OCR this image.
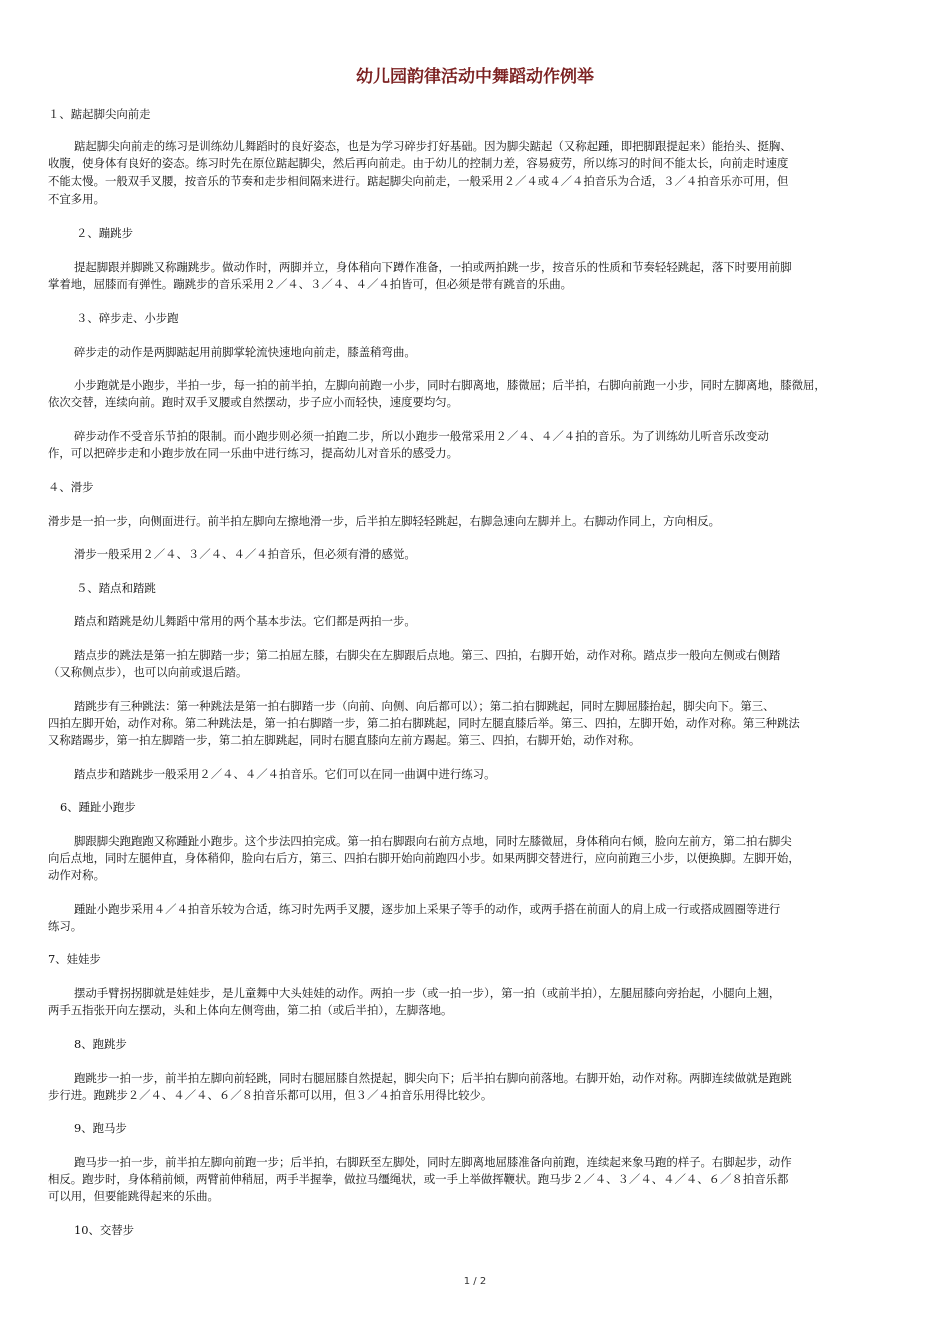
幼儿园韵律活动中舞蹈动作例举

１、踮起脚尖向前走

踮起脚尖向前走的练习是训练幼儿舞蹈时的良好姿态，也是为学习碎步打好基础。因为脚尖踮起（又称起踵，即把脚跟提起来）能抬头、挺胸、

收腹，使身体有良好的姿态。练习时先在原位踮起脚尖，然后再向前走。由于幼儿的控制力差，容易疲劳，所以练习的时间不能太长，向前走时速度

不能太慢。一般双手叉腰，按音乐的节奏和走步相间隔来进行。踮起脚尖向前走，一般采用２／４或４／４拍音乐为合适，３／４拍音乐亦可用，但

不宜多用。

２、蹦跳步

提起脚跟并脚跳又称蹦跳步。做动作时，两脚并立，身体稍向下蹲作准备，一拍或两拍跳一步，按音乐的性质和节奏轻轻跳起，落下时要用前脚

掌着地，屈膝而有弹性。蹦跳步的音乐采用２／４、３／４、４／４拍皆可，但必须是带有跳音的乐曲。

３、碎步走、小步跑

碎步走的动作是两脚踮起用前脚掌轮流快速地向前走，膝盖稍弯曲。

小步跑就是小跑步，半拍一步，每一拍的前半拍，左脚向前跑一小步，同时右脚离地，膝微屈；后半拍，右脚向前跑一小步，同时左脚离地，膝微屈，

依次交替，连续向前。跑时双手叉腰或自然摆动，步子应小而轻快，速度要均匀。

碎步动作不受音乐节拍的限制。而小跑步则必须一拍跑二步，所以小跑步一般常采用２／４、４／４拍的音乐。为了训练幼儿听音乐改变动

作，可以把碎步走和小跑步放在同一乐曲中进行练习，提高幼儿对音乐的感受力。

４、滑步

滑步是一拍一步，向侧面进行。前半拍左脚向左擦地滑一步，后半拍左脚轻轻跳起，右脚急速向左脚并上。右脚动作同上，方向相反。

滑步一般采用２／４、３／４、４／４拍音乐，但必须有滑的感觉。

５、踏点和踏跳

踏点和踏跳是幼儿舞蹈中常用的两个基本步法。它们都是两拍一步。

踏点步的跳法是第一拍左脚踏一步；第二拍屈左膝，右脚尖在左脚跟后点地。第三、四拍，右脚开始，动作对称。踏点步一般向左侧或右侧踏

（又称侧点步），也可以向前或退后踏。

踏跳步有三种跳法：第一种跳法是第一拍右脚踏一步（向前、向侧、向后都可以）；第二拍右脚跳起，同时左脚屈膝抬起，脚尖向下。第三、

四拍左脚开始，动作对称。第二种跳法是，第一拍右脚踏一步，第二拍右脚跳起，同时左腿直膝后举。第三、四拍，左脚开始，动作对称。第三种跳法

又称踏踢步，第一拍左脚踏一步，第二拍左脚跳起，同时右腿直膝向左前方踢起。第三、四拍，右脚开始，动作对称。

踏点步和踏跳步一般采用２／４、４／４拍音乐。它们可以在同一曲调中进行练习。

6、踵趾小跑步

脚跟脚尖跑跑跑又称踵趾小跑步。这个步法四拍完成。第一拍右脚跟向右前方点地，同时左膝微屈，身体稍向右倾，脸向左前方，第二拍右脚尖

向后点地，同时左腿伸直，身体稍仰，脸向右后方，第三、四拍右脚开始向前跑四小步。如果两脚交替进行，应向前跑三小步，以便换脚。左脚开始，

动作对称。

踵趾小跑步采用４／４拍音乐较为合适，练习时先两手叉腰，逐步加上采果子等手的动作，或两手搭在前面人的肩上成一行或搭成圆圈等进行

练习。

7、娃娃步

摆动手臂拐拐脚就是娃娃步，是儿童舞中大头娃娃的动作。两拍一步（或一拍一步），第一拍（或前半拍），左腿屈膝向旁抬起，小腿向上翘，

两手五指张开向左摆动，头和上体向左侧弯曲，第二拍（或后半拍），左脚落地。

8、跑跳步

跑跳步一拍一步，前半拍左脚向前轻跳，同时右腿屈膝自然提起，脚尖向下；后半拍右脚向前落地。右脚开始，动作对称。两脚连续做就是跑跳

步行进。跑跳步２／４、４／４、６／８拍音乐都可以用，但３／４拍音乐用得比较少。

9、跑马步

跑马步一拍一步，前半拍左脚向前跑一步；后半拍，右脚跃至左脚处，同时左脚离地屈膝准备向前跑，连续起来象马跑的样子。右脚起步，动作

相反。跑步时，身体稍前倾，两臂前伸稍屈，两手半握拳，做拉马缰绳状，或一手上举做挥鞭状。跑马步２／４、３／４、４／４、６／８拍音乐都

可以用，但要能跳得起来的乐曲。

10、交替步

1 / 2
